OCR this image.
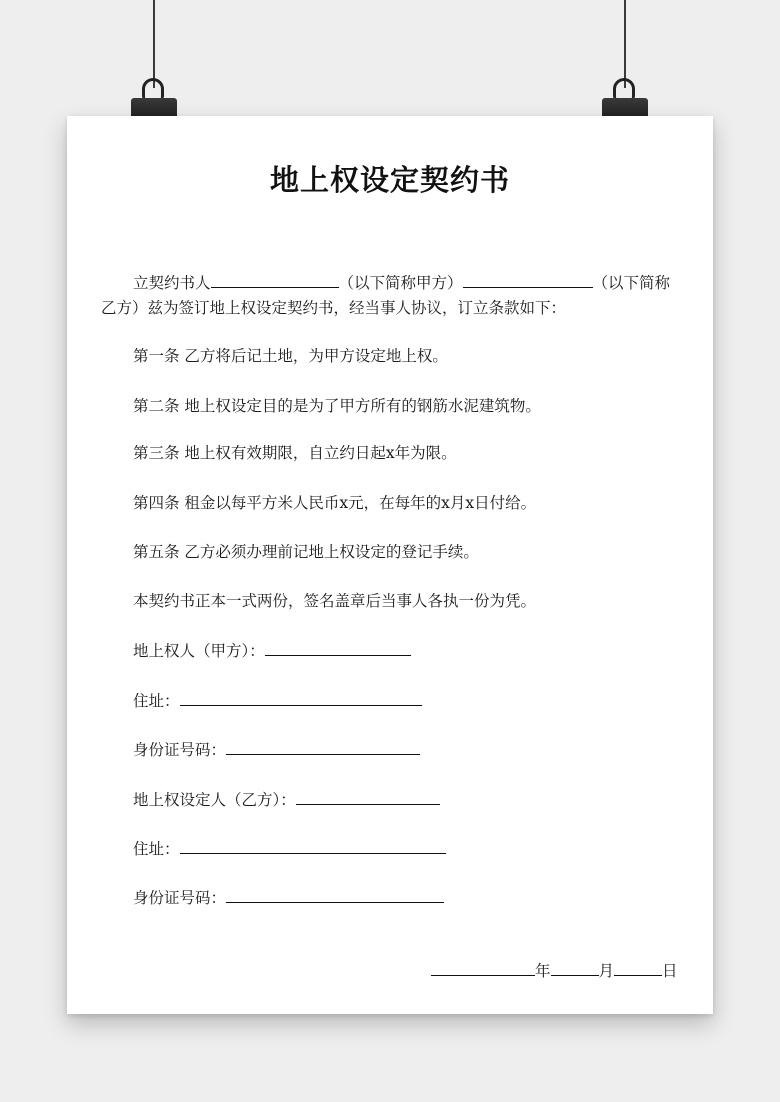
地上权设定契约书
立契约书人	（以下简称甲方）	（以下简称
乙方）兹为签订地上权设定契约书，经当事人协议，订立条款如下：
第一条 乙方将后记土地，为甲方设定地上权。
第二条 地上权设定目的是为了甲方所有的钢筋水泥建筑物。
第三条 地上权有效期限，自立约日起x年为限。
第四条 租金以每平方米人民币x元，在每年的x月x日付给。
第五条 乙方必须办理前记地上权设定的登记手续。
本契约书正本一式两份，签名盖章后当事人各执一份为凭。
地上权人（甲方）：
住址：
身份证号码：
地上权设定人（乙方）：
住址：
身份证号码：
年	月	日
